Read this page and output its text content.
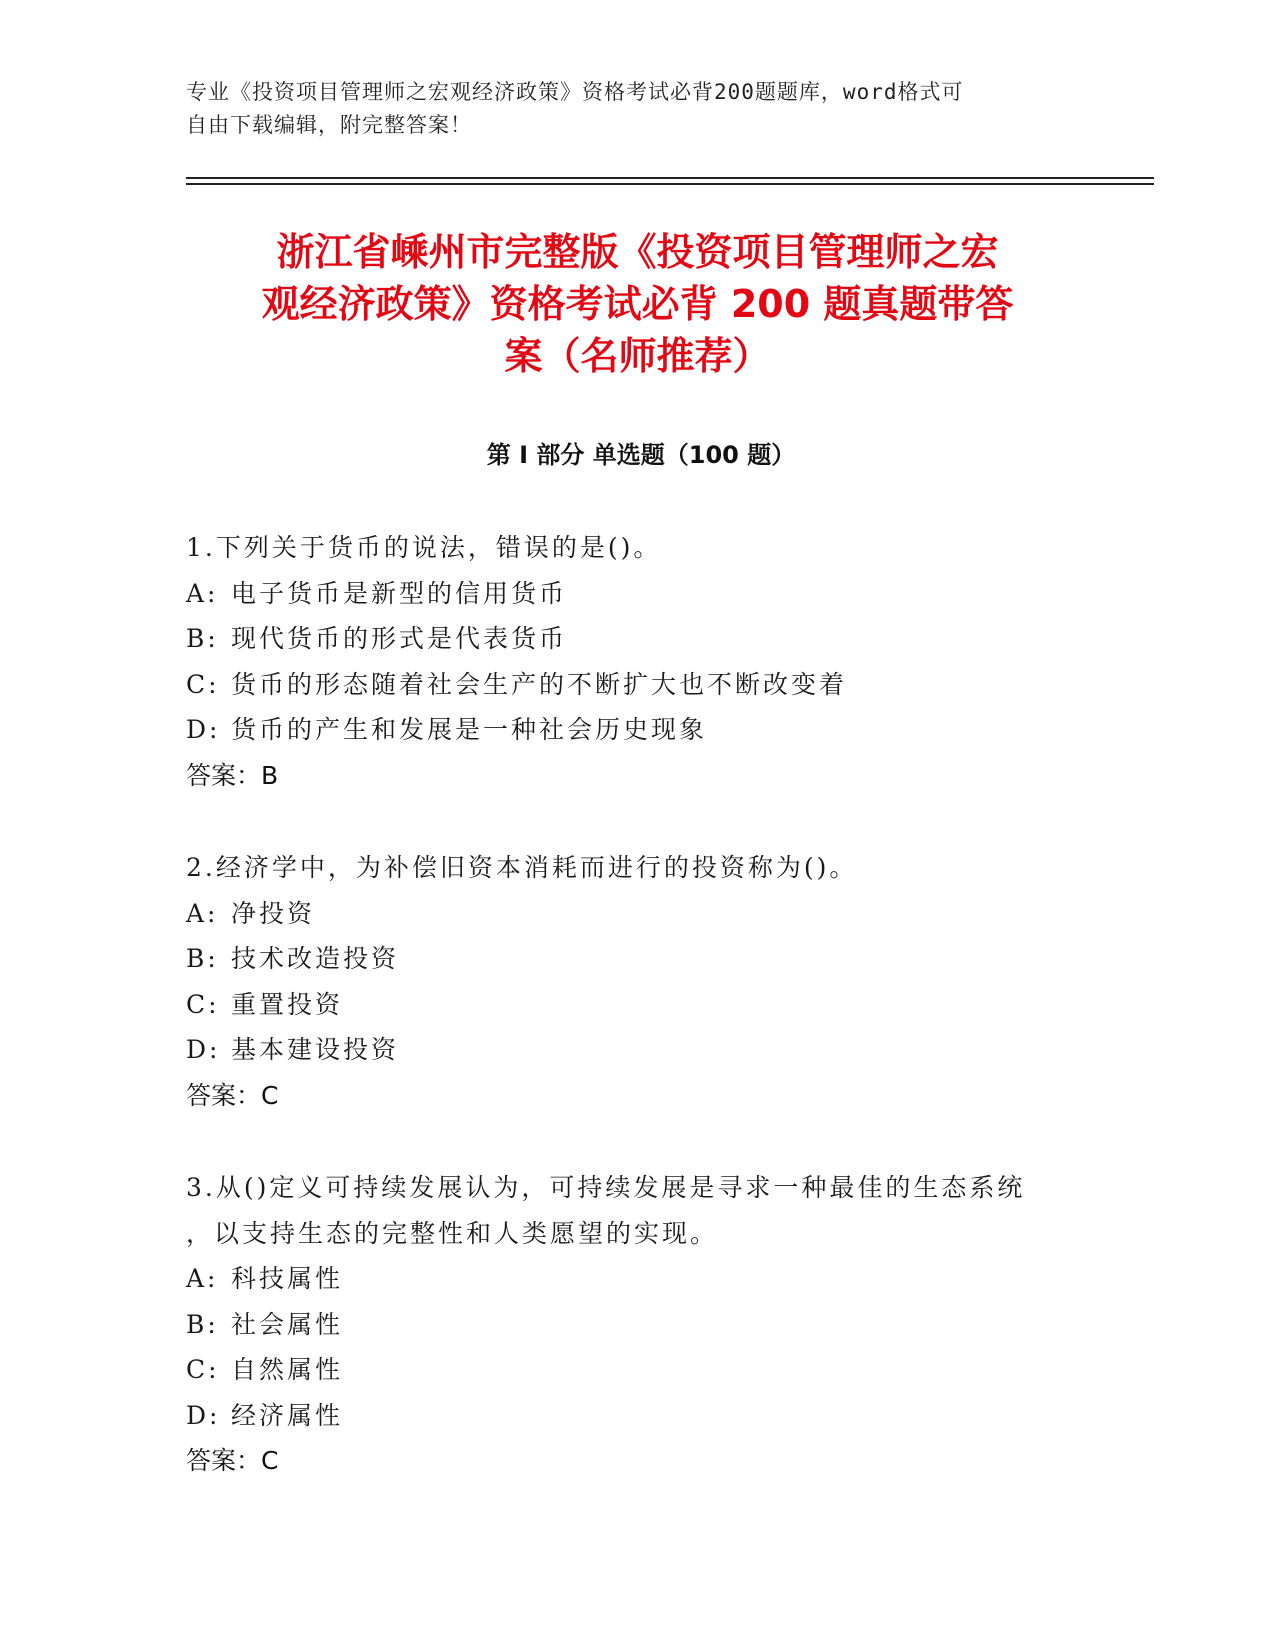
专业《投资项目管理师之宏观经济政策》资格考试必背200题题库，word格式可
自由下载编辑，附完整答案！
浙江省嵊州市完整版《投资项目管理师之宏
观经济政策》资格考试必背 200 题真题带答
案（名师推荐）
第 I 部分 单选题（100 题）
1.下列关于货币的说法，错误的是()。
A: 电子货币是新型的信用货币
B: 现代货币的形式是代表货币
C: 货币的形态随着社会生产的不断扩大也不断改变着
D: 货币的产生和发展是一种社会历史现象
答案：B
2.经济学中，为补偿旧资本消耗而进行的投资称为()。
A: 净投资
B: 技术改造投资
C: 重置投资
D: 基本建设投资
答案：C
3.从()定义可持续发展认为，可持续发展是寻求一种最佳的生态系统
，以支持生态的完整性和人类愿望的实现。
A: 科技属性
B: 社会属性
C: 自然属性
D: 经济属性
答案：C
